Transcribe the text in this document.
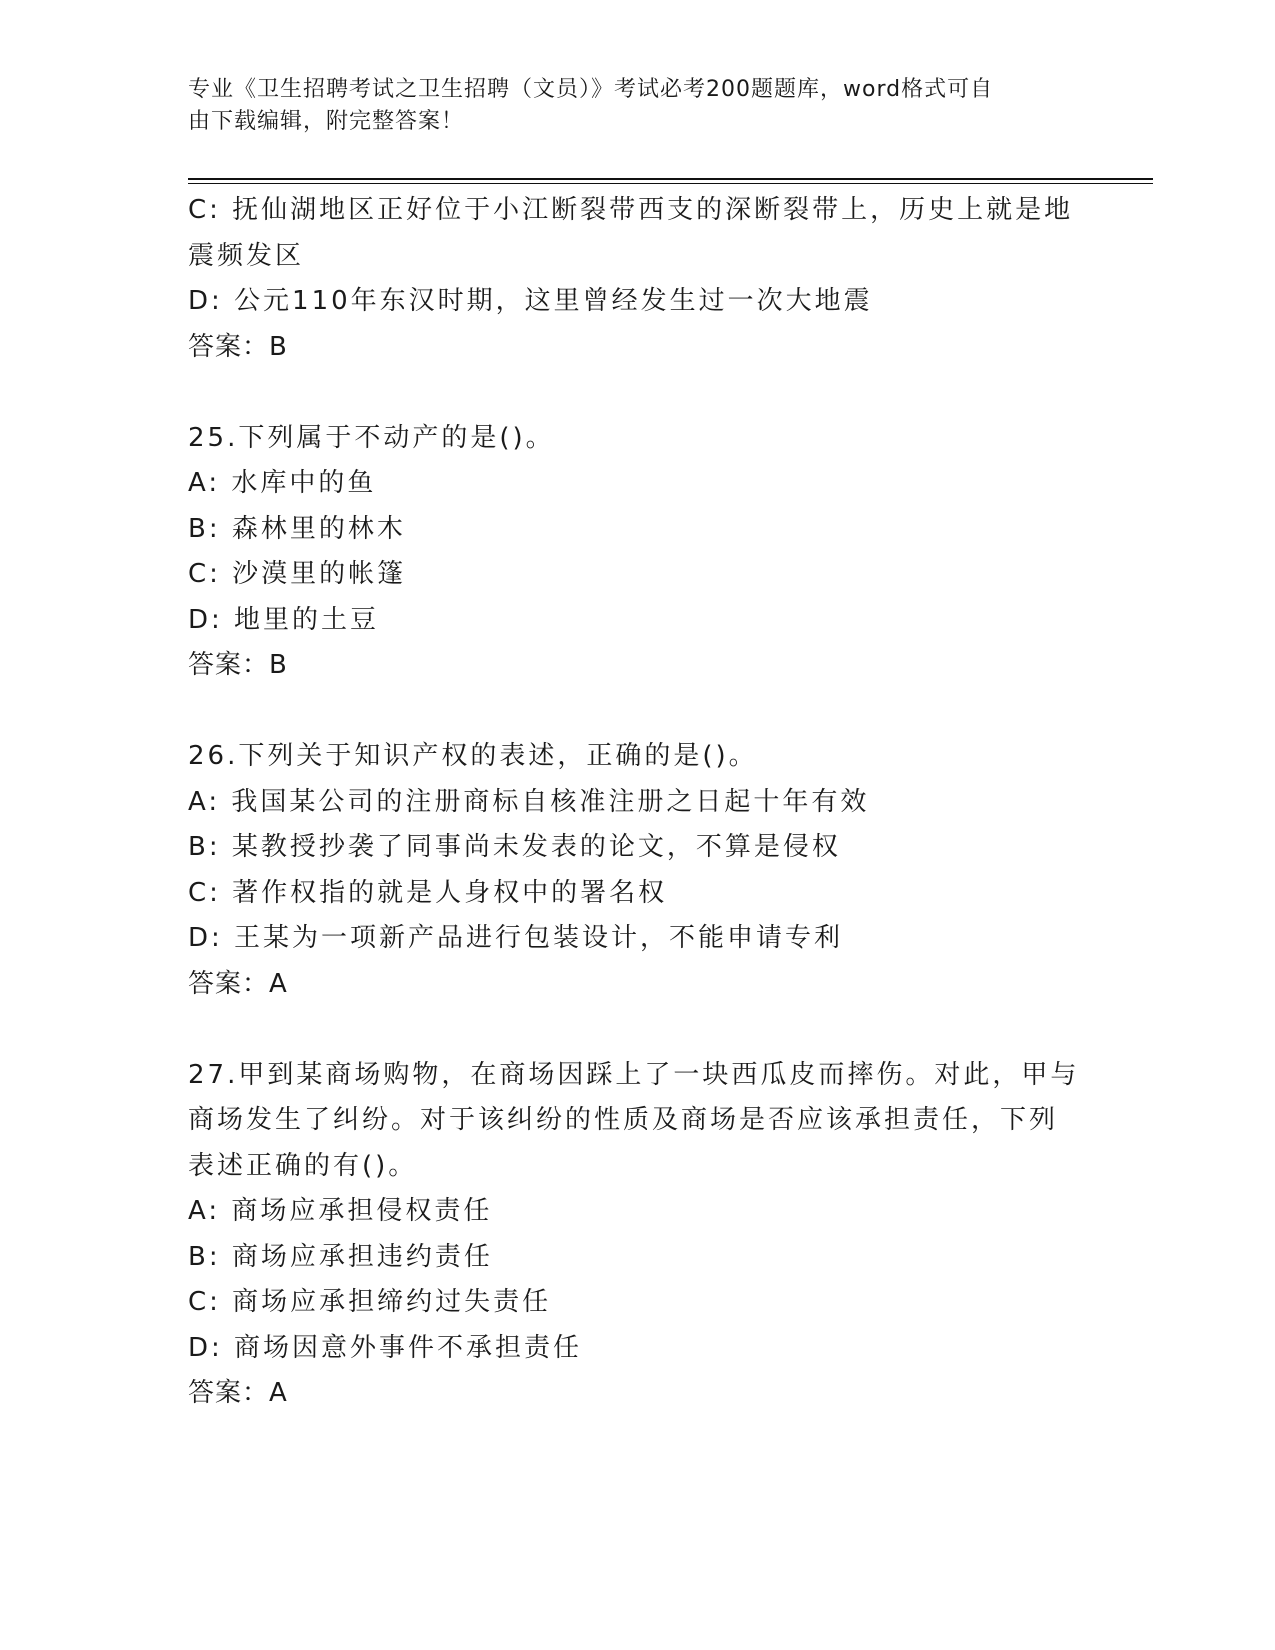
专业《卫生招聘考试之卫生招聘（文员）》考试必考200题题库，word格式可自
由下载编辑，附完整答案！
C: 抚仙湖地区正好位于小江断裂带西支的深断裂带上，历史上就是地
震频发区
D: 公元110年东汉时期，这里曾经发生过一次大地震
答案：B
25.下列属于不动产的是()。
A: 水库中的鱼
B: 森林里的林木
C: 沙漠里的帐篷
D: 地里的土豆
答案：B
26.下列关于知识产权的表述，正确的是()。
A: 我国某公司的注册商标自核准注册之日起十年有效
B: 某教授抄袭了同事尚未发表的论文，不算是侵权
C: 著作权指的就是人身权中的署名权
D: 王某为一项新产品进行包装设计，不能申请专利
答案：A
27.甲到某商场购物，在商场因踩上了一块西瓜皮而摔伤。对此，甲与
商场发生了纠纷。对于该纠纷的性质及商场是否应该承担责任，下列
表述正确的有()。
A: 商场应承担侵权责任
B: 商场应承担违约责任
C: 商场应承担缔约过失责任
D: 商场因意外事件不承担责任
答案：A
